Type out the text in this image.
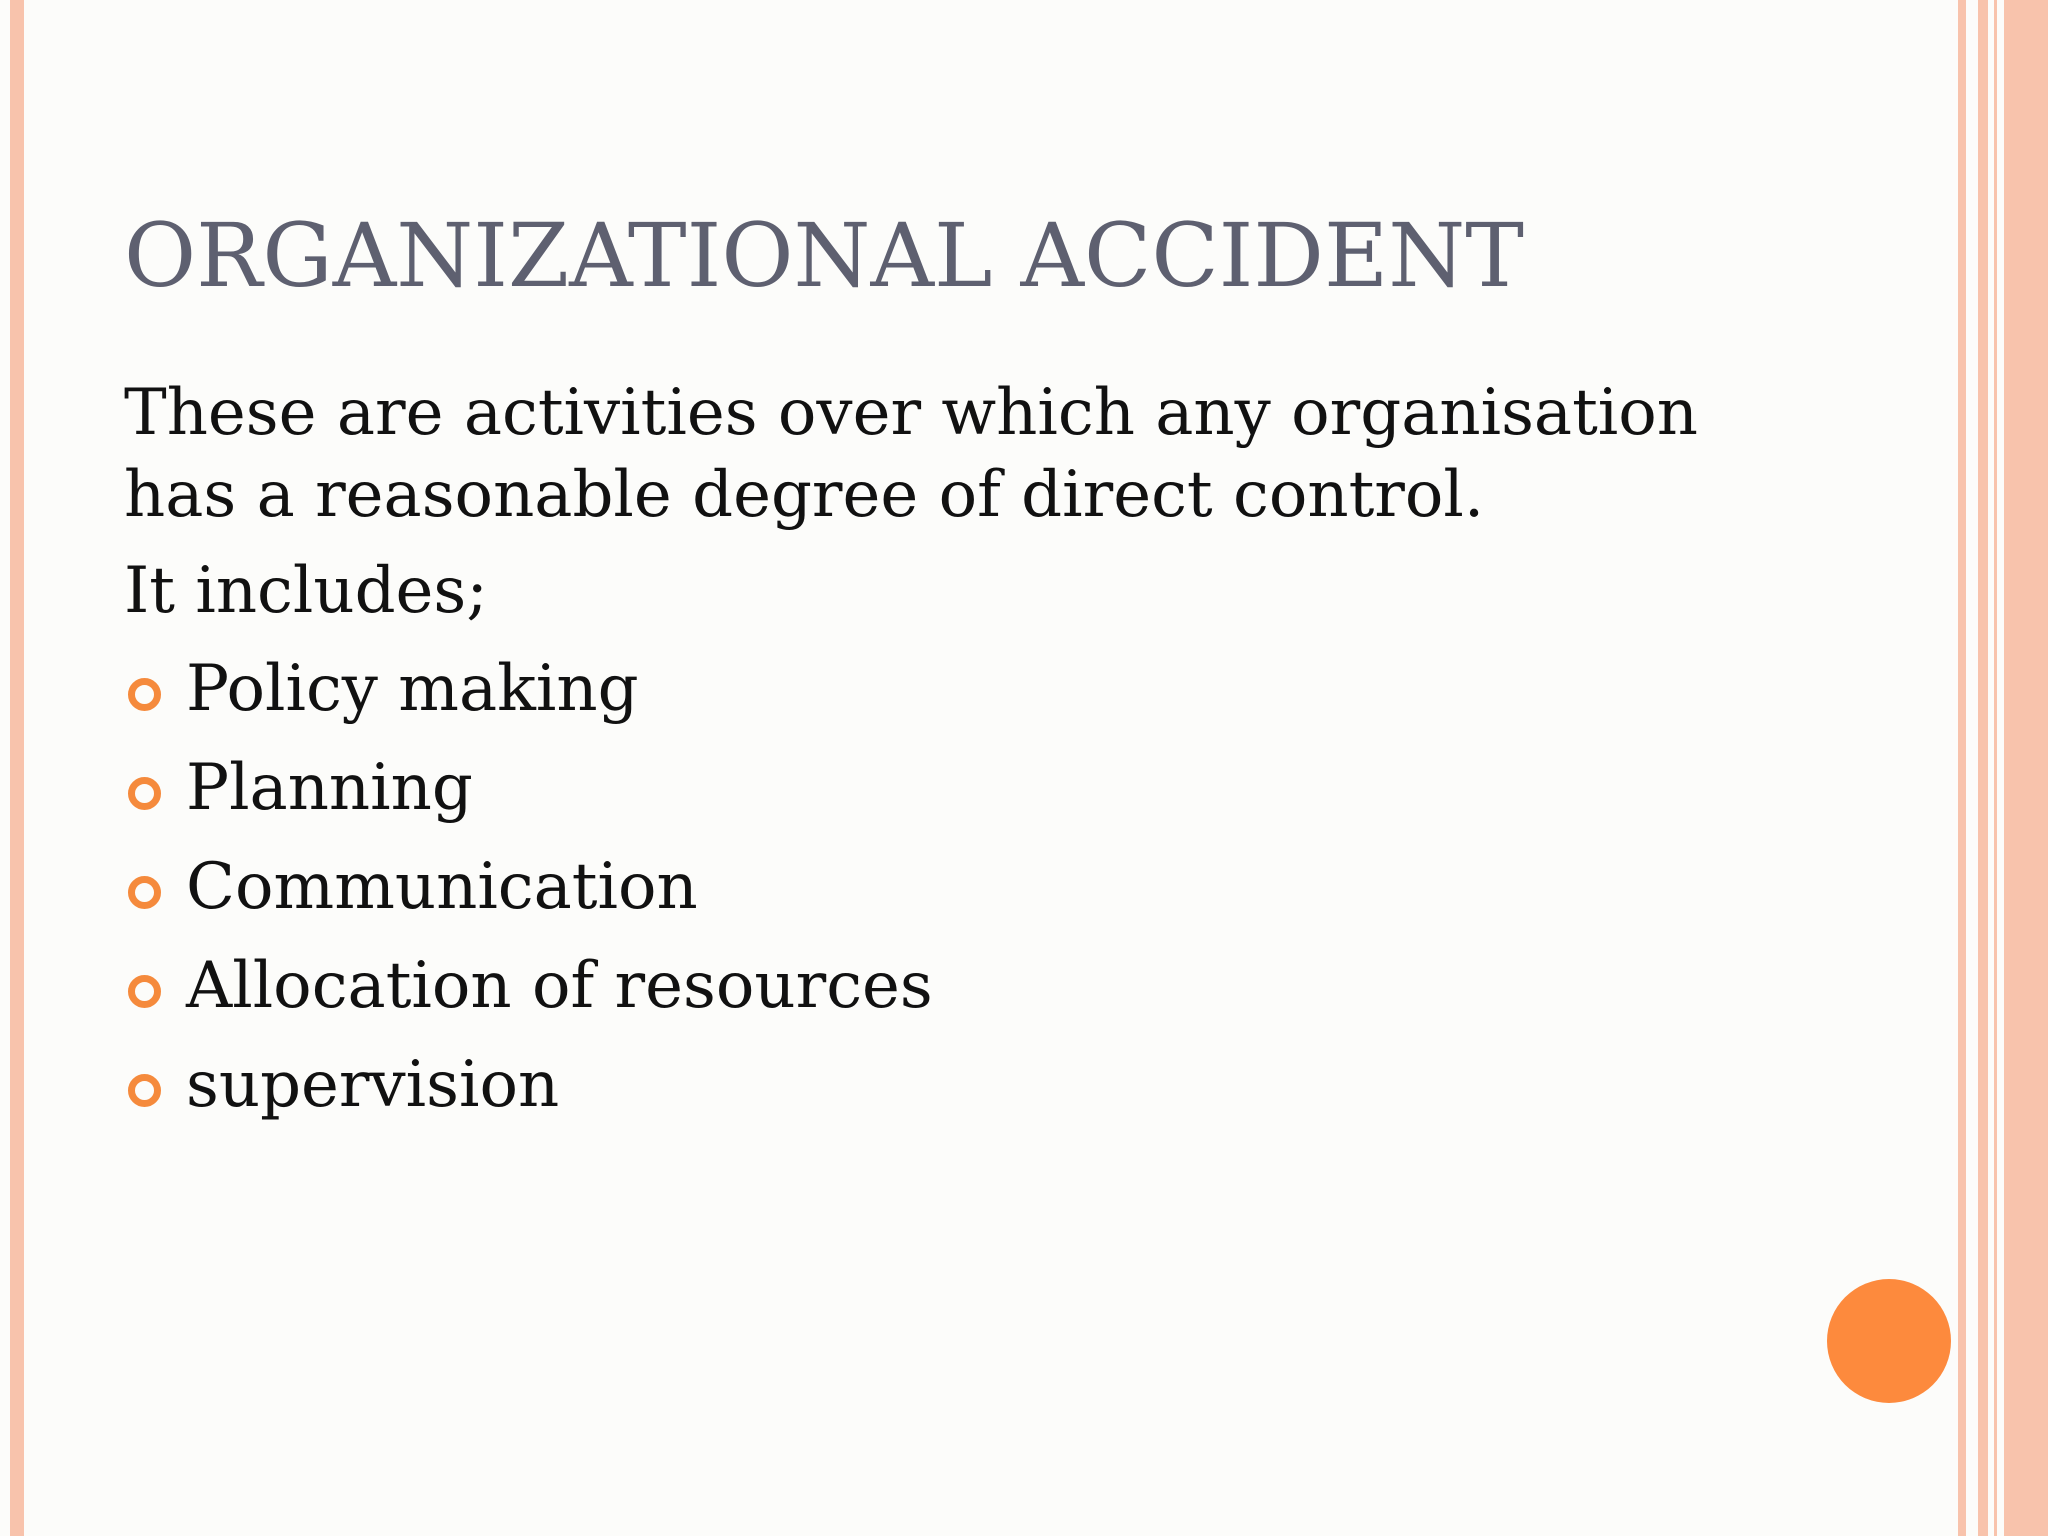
ORGANIZATIONAL ACCIDENT

These are activities over which any organisation
has a reasonable degree of direct control.

It includes;

Policy making
Planning
Communication
Allocation of resources
supervision
